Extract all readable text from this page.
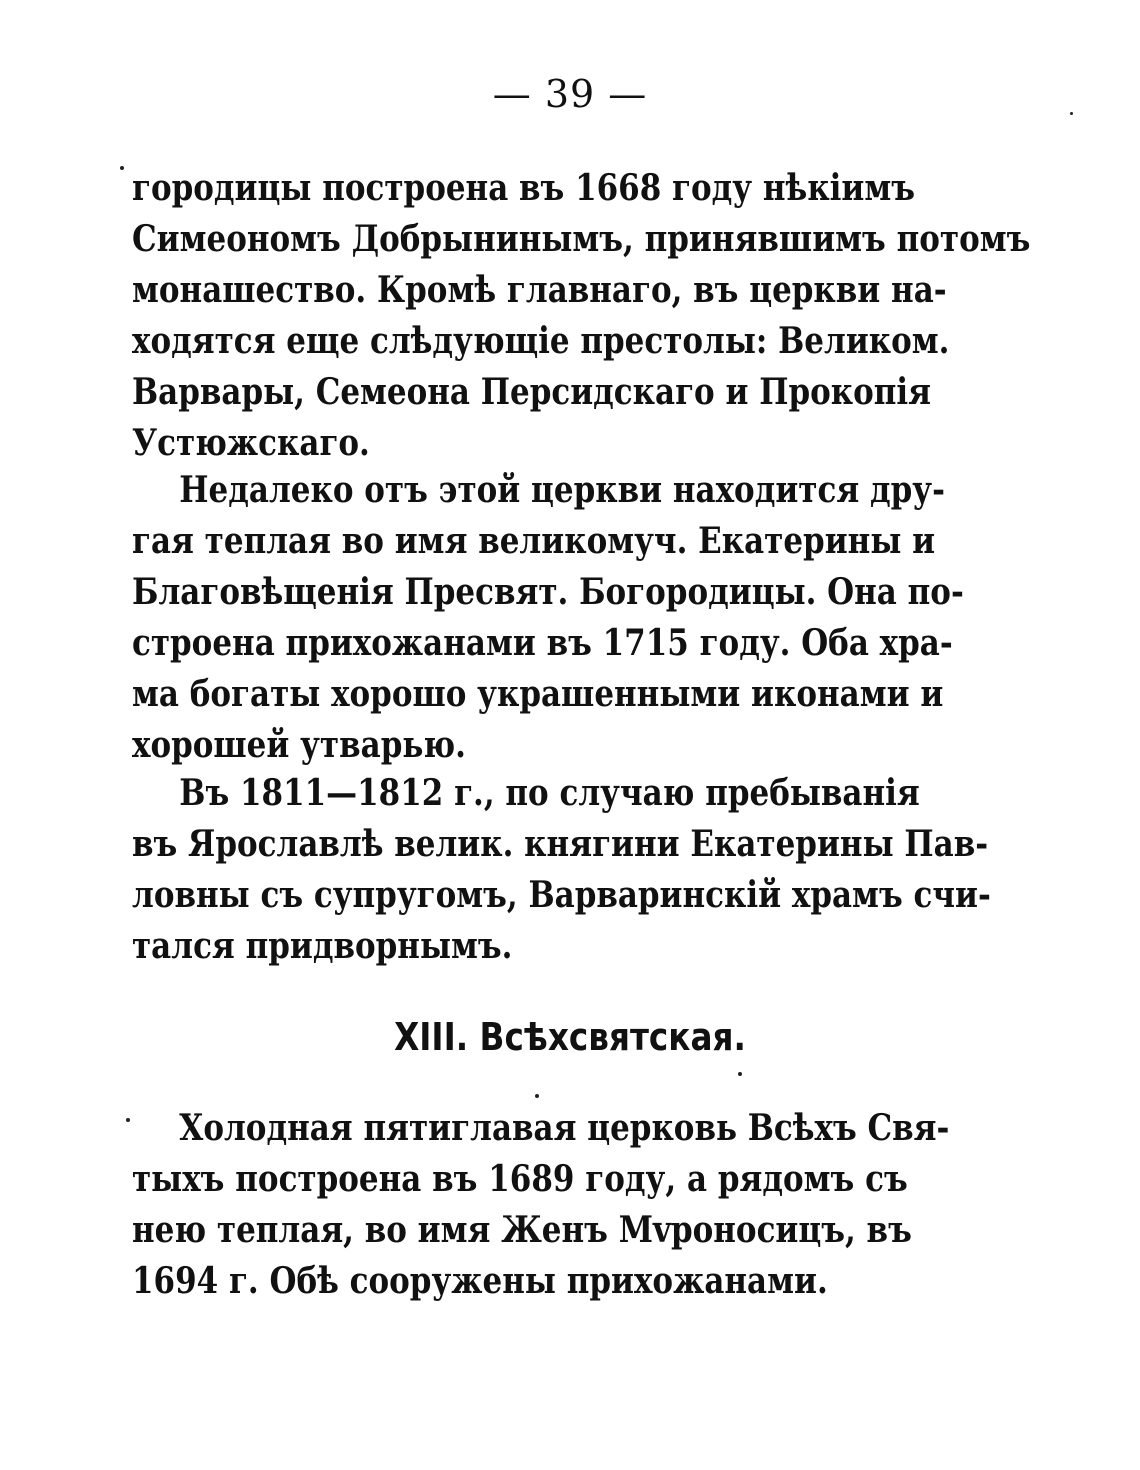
— 39 —
городицы построена въ 1668 году нѣкіимъ
Симеономъ Добрынинымъ, принявшимъ потомъ
монашество. Кромѣ главнаго, въ церкви на-
ходятся еще слѣдующіе престолы: Великом.
Варвары, Семеона Персидскаго и Прокопія
Устюжскаго.
Недалеко отъ этой церкви находится дру-
гая теплая во имя великомуч. Екатерины и
Благовѣщенія Пресвят. Богородицы. Она по-
строена прихожанами въ 1715 году. Оба хра-
ма богаты хорошо украшенными иконами и
хорошей утварью.
Въ 1811—1812 г., по случаю пребыванія
въ Ярославлѣ велик. княгини Екатерины Пав-
ловны съ супругомъ, Варваринскій храмъ счи-
тался придворнымъ.
XIII. Всѣхсвятская.
Холодная пятиглавая церковь Всѣхъ Свя-
тыхъ построена въ 1689 году, а рядомъ съ
нею теплая, во имя Женъ Мvроносицъ, въ
1694 г. Обѣ сооружены прихожанами.
